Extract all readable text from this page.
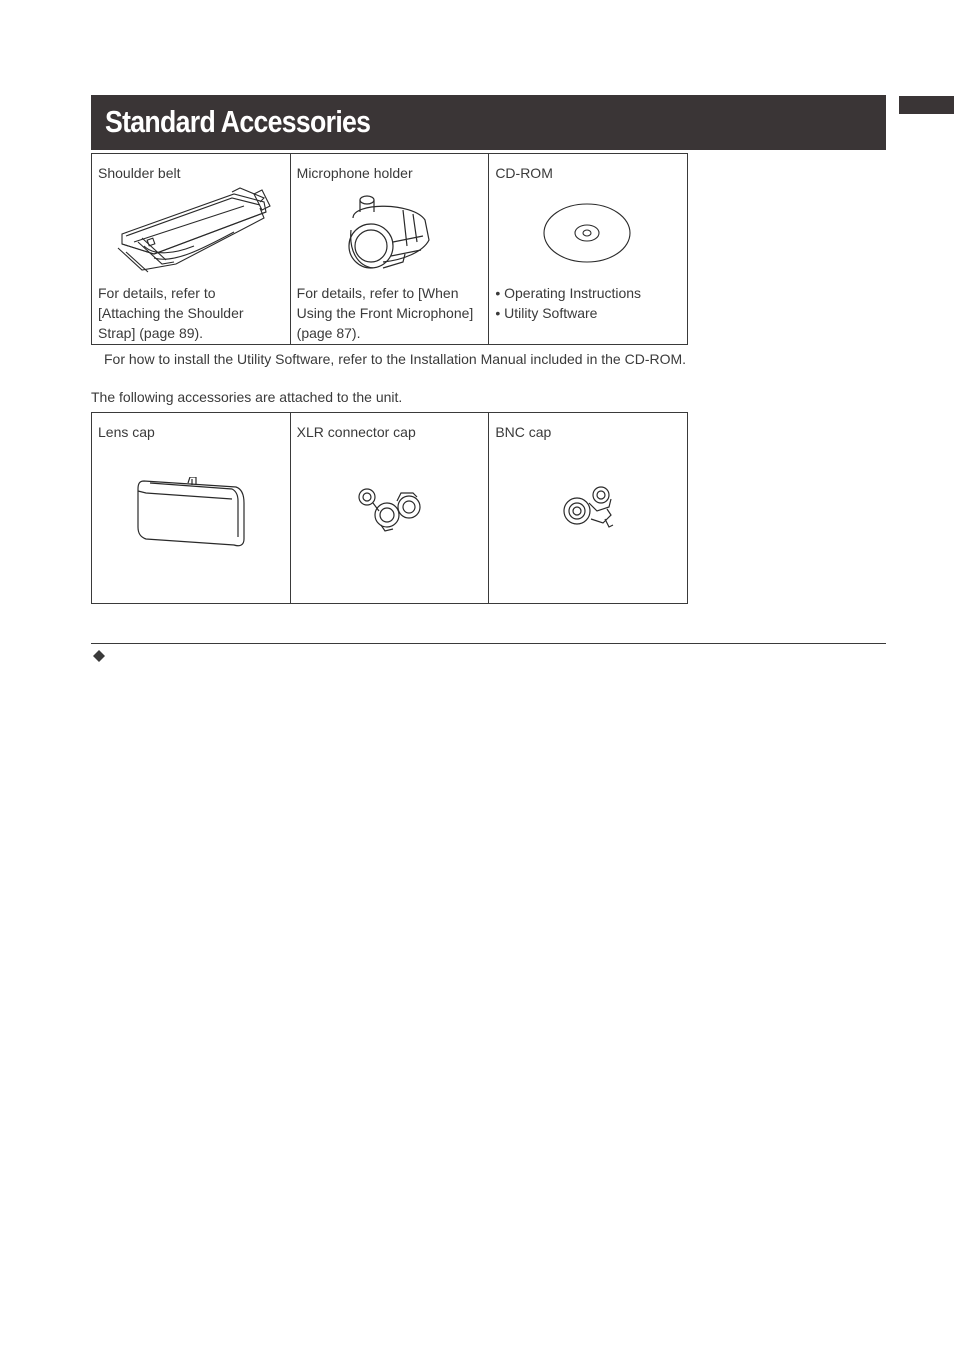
Standard Accessories
Shoulder belt
For details, refer to
[Attaching the Shoulder
Strap] (page 89).

Microphone holder
For details, refer to [When
Using the Front Microphone]
(page 87).

CD-ROM
• Operating Instructions
• Utility Software
For how to install the Utility Software, refer to the Installation Manual included in the CD-ROM.
The following accessories are attached to the unit.
Lens cap	XLR connector cap	BNC cap
